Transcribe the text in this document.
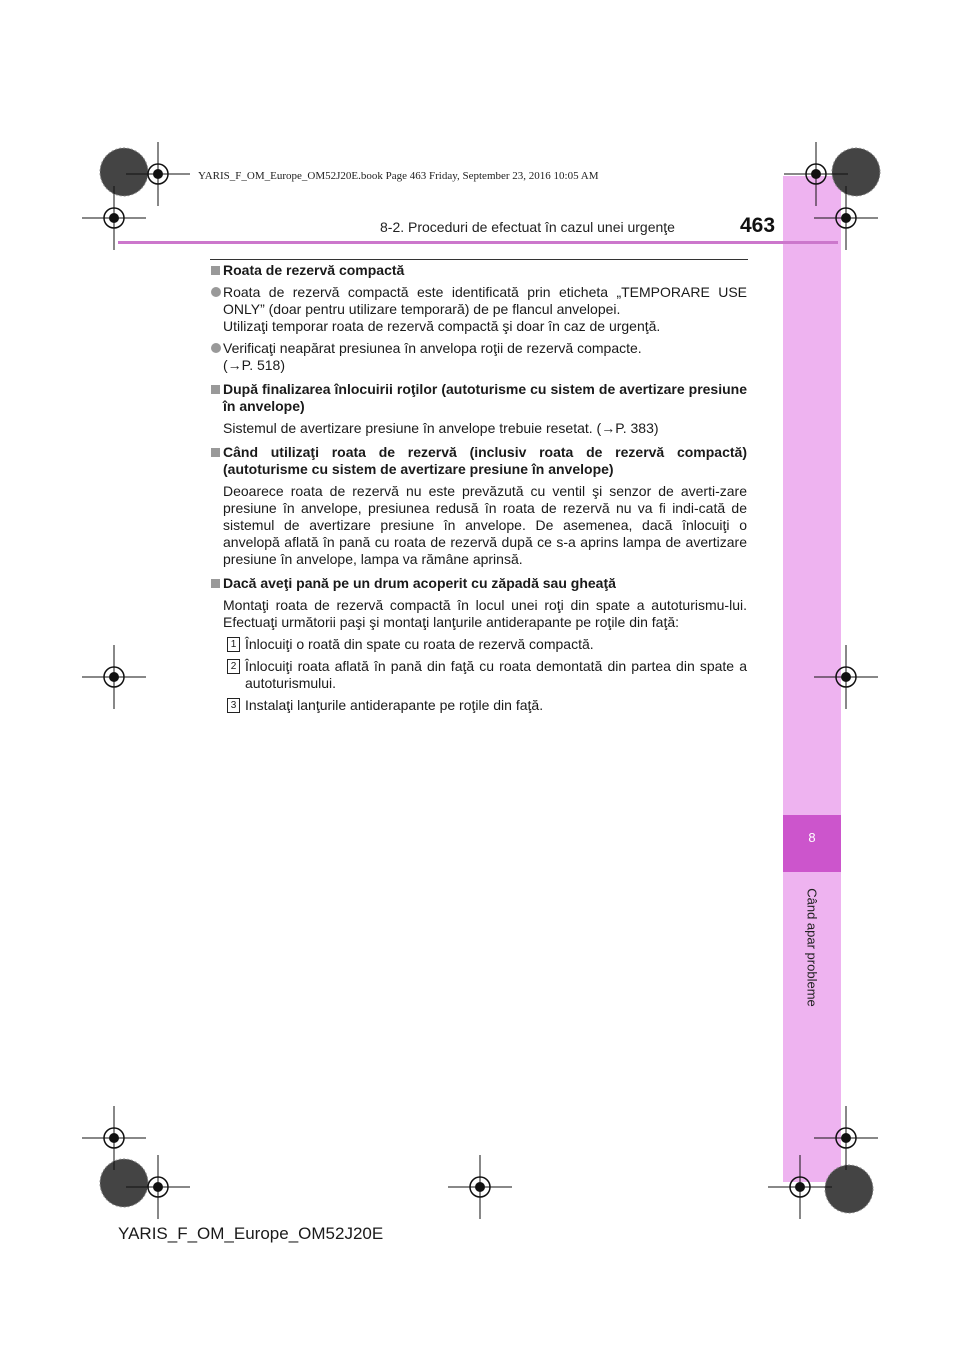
8
Când apar probleme
YARIS_F_OM_Europe_OM52J20E.book Page 463 Friday, September 23, 2016 10:05 AM
8-2. Proceduri de efectuat în cazul unei urgenţe	463
Roata de rezervă compactă

Roata de rezervă compactă este identificată prin eticheta „TEMPORARE USE ONLY” (doar pentru utilizare temporară) de pe flancul anvelopei.

Utilizaţi temporar roata de rezervă compactă şi doar în caz de urgenţă.

Verificaţi neapărat presiunea în anvelopa roţii de rezervă compacte.

(→P. 518)

După finalizarea înlocuirii roţilor (autoturisme cu sistem de avertizare presiune în anvelope)
Sistemul de avertizare presiune în anvelope trebuie resetat. (→P. 383)
Când utilizaţi roata de rezervă (inclusiv roata de rezervă compactă) (autoturisme cu sistem de avertizare presiune în anvelope)
Deoarece roata de rezervă nu este prevăzută cu ventil şi senzor de averti-zare presiune în anvelope, presiunea redusă în roata de rezervă nu va fi indi-cată de sistemul de avertizare presiune în anvelope. De asemenea, dacă înlocuiţi o anvelopă aflată în pană cu roata de rezervă după ce s-a aprins lampa de avertizare presiune în anvelope, lampa va rămâne aprinsă.
Dacă aveţi pană pe un drum acoperit cu zăpadă sau gheaţă
Montaţi roata de rezervă compactă în locul unei roţi din spate a autoturismu-lui. Efectuaţi următorii paşi şi montaţi lanţurile antiderapante pe roţile din faţă:
1 Înlocuiţi o roată din spate cu roata de rezervă compactă.
2 Înlocuiţi roata aflată în pană din faţă cu roata demontată din partea din spate a autoturismului.
3 Instalaţi lanţurile antiderapante pe roţile din faţă.
YARIS_F_OM_Europe_OM52J20E
